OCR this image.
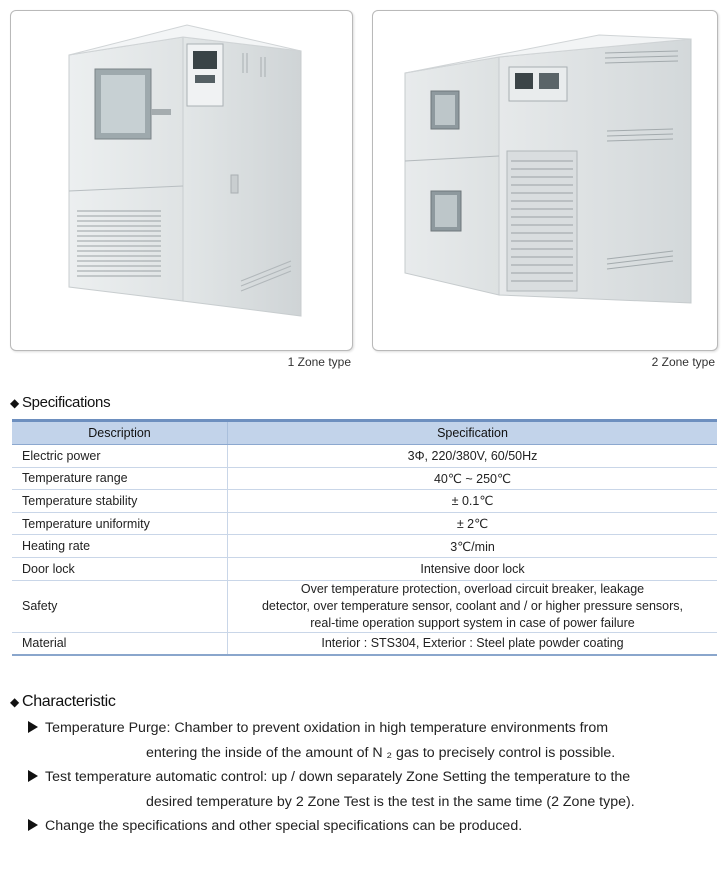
1 Zone type	2 Zone type
◆ Specifications
Description	Specification
Electric power	3Φ, 220/380V, 60/50Hz
Temperature range	40℃ ~ 250℃
Temperature stability	± 0.1℃
Temperature uniformity	± 2℃
Heating rate	3℃/min
Door lock	Intensive door lock
Safety	Over temperature protection, overload circuit breaker, leakage
detector, over temperature sensor, coolant and / or higher pressure sensors,
real-time operation support system in case of power failure

Material	Interior : STS304, Exterior : Steel plate powder coating
◆ Characteristic
Temperature Purge: Chamber to prevent oxidation in high temperature environments from
entering the inside of the amount of N ₂ gas to precisely control is possible.
Test temperature automatic control: up / down separately Zone Setting the temperature to the
desired temperature by 2 Zone Test is the test in the same time (2 Zone type).
Change the specifications and other special specifications can be produced.
